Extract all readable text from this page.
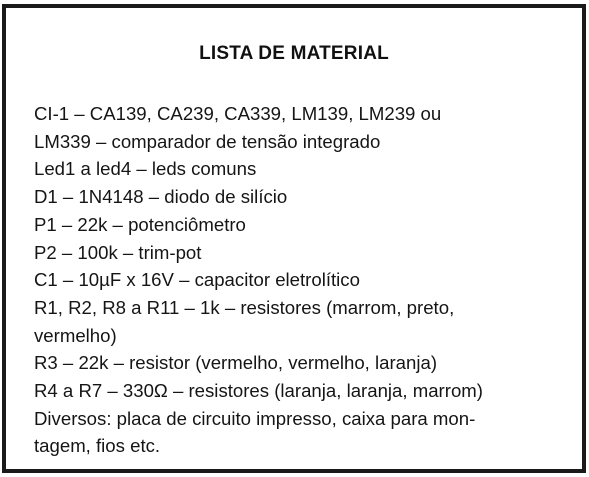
LISTA DE MATERIAL
CI-1 – CA139, CA239, CA339, LM139, LM239 ou
LM339 – comparador de tensão integrado
Led1 a led4 – leds comuns
D1 – 1N4148 – diodo de silício
P1 – 22k – potenciômetro
P2 – 100k – trim-pot
C1 – 10µF x 16V – capacitor eletrolítico
R1, R2, R8 a R11 – 1k – resistores (marrom, preto,
vermelho)
R3 – 22k – resistor (vermelho, vermelho, laranja)
R4 a R7 – 330Ω – resistores (laranja, laranja, marrom)
Diversos: placa de circuito impresso, caixa para mon-
tagem, fios etc.
